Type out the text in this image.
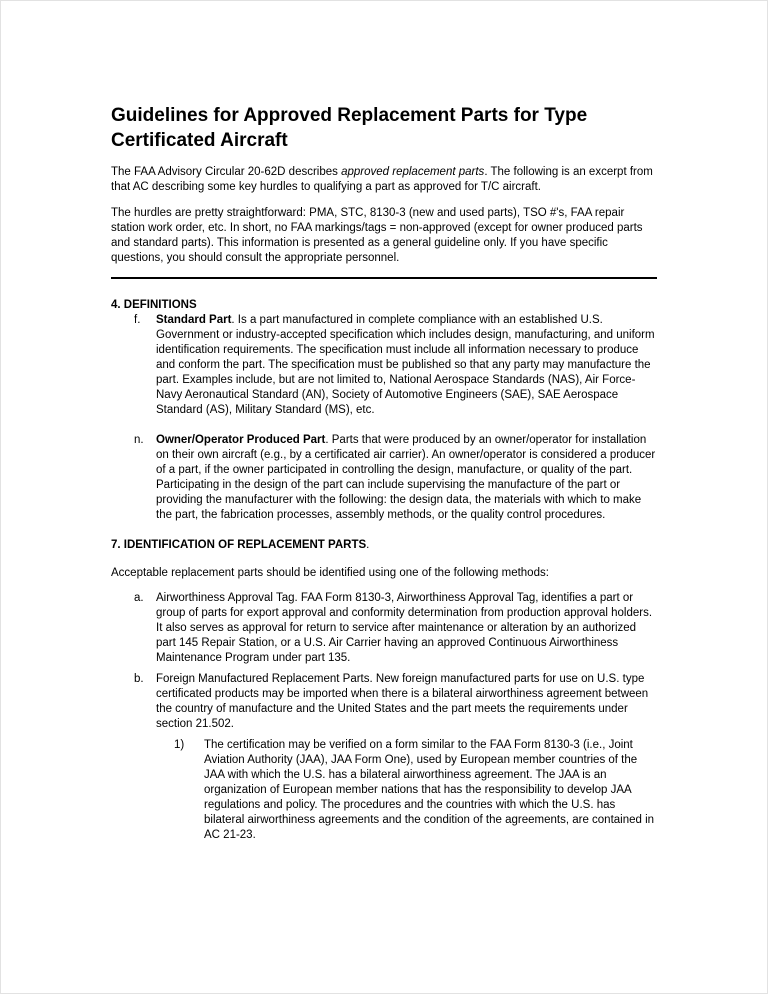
Guidelines for Approved Replacement Parts for Type Certificated Aircraft

The FAA Advisory Circular 20-62D describes approved replacement parts. The following is an excerpt from that AC describing some key hurdles to qualifying a part as approved for T/C aircraft.

The hurdles are pretty straightforward: PMA, STC, 8130-3 (new and used parts), TSO #'s, FAA repair station work order, etc. In short, no FAA markings/tags = non-approved (except for owner produced parts and standard parts). This information is presented as a general guideline only. If you have specific questions, you should consult the appropriate personnel.

4. DEFINITIONS
f.	Standard Part. Is a part manufactured in complete compliance with an established U.S. Government or industry-accepted specification which includes design, manufacturing, and uniform identification requirements. The specification must include all information necessary to produce and conform the part. The specification must be published so that any party may manufacture the part. Examples include, but are not limited to, National Aerospace Standards (NAS), Air Force-Navy Aeronautical Standard (AN), Society of Automotive Engineers (SAE), SAE Aerospace Standard (AS), Military Standard (MS), etc.
n.	Owner/Operator Produced Part. Parts that were produced by an owner/operator for installation on their own aircraft (e.g., by a certificated air carrier). An owner/operator is considered a producer of a part, if the owner participated in controlling the design, manufacture, or quality of the part. Participating in the design of the part can include supervising the manufacture of the part or providing the manufacturer with the following: the design data, the materials with which to make the part, the fabrication processes, assembly methods, or the quality control procedures.
7. IDENTIFICATION OF REPLACEMENT PARTS.

Acceptable replacement parts should be identified using one of the following methods:

a.	Airworthiness Approval Tag. FAA Form 8130-3, Airworthiness Approval Tag, identifies a part or group of parts for export approval and conformity determination from production approval holders. It also serves as approval for return to service after maintenance or alteration by an authorized part 145 Repair Station, or a U.S. Air Carrier having an approved Continuous Airworthiness Maintenance Program under part 135.
b.	Foreign Manufactured Replacement Parts. New foreign manufactured parts for use on U.S. type certificated products may be imported when there is a bilateral airworthiness agreement between the country of manufacture and the United States and the part meets the requirements under section 21.502.
1)	The certification may be verified on a form similar to the FAA Form 8130-3 (i.e., Joint Aviation Authority (JAA), JAA Form One), used by European member countries of the JAA with which the U.S. has a bilateral airworthiness agreement. The JAA is an organization of European member nations that has the responsibility to develop JAA regulations and policy. The procedures and the countries with which the U.S. has bilateral airworthiness agreements and the condition of the agreements, are contained in AC 21-23.
